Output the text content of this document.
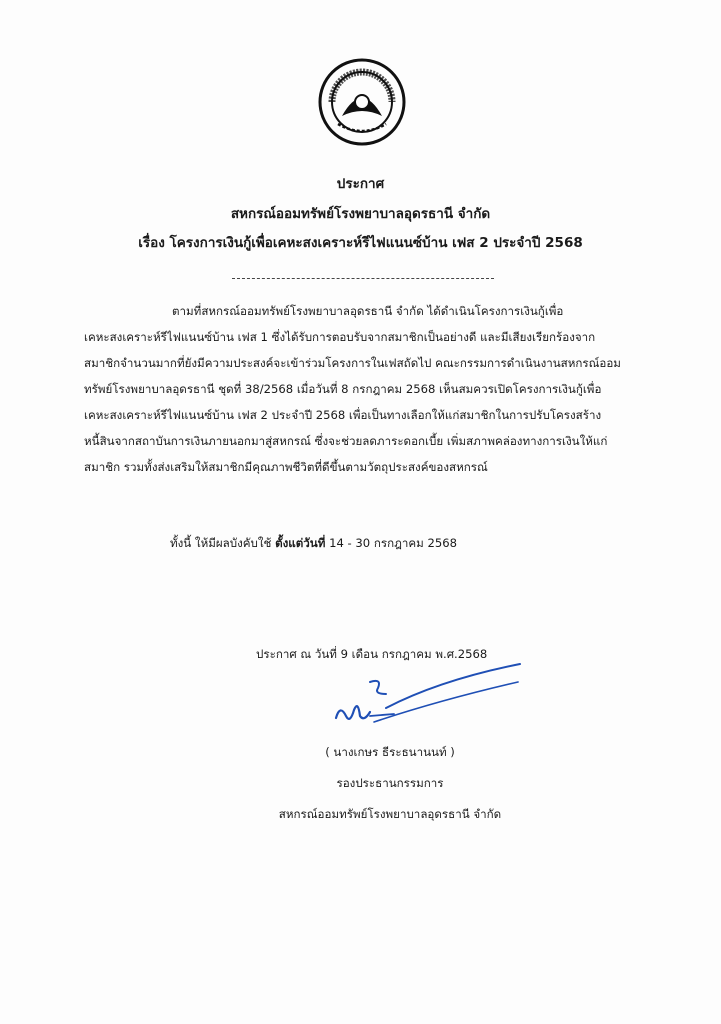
ประกาศ
สหกรณ์ออมทรัพย์โรงพยาบาลอุดรธานี จำกัด
เรื่อง โครงการเงินกู้เพื่อเคหะสงเคราะห์รีไฟแนนซ์บ้าน เฟส 2 ประจำปี 2568
ตามที่สหกรณ์ออมทรัพย์โรงพยาบาลอุดรธานี จำกัด ได้ดำเนินโครงการเงินกู้เพื่อ
เคหะสงเคราะห์รีไฟแนนซ์บ้าน เฟส 1 ซึ่งได้รับการตอบรับจากสมาชิกเป็นอย่างดี และมีเสียงเรียกร้องจาก
สมาชิกจำนวนมากที่ยังมีความประสงค์จะเข้าร่วมโครงการในเฟสถัดไป คณะกรรมการดำเนินงานสหกรณ์ออม
ทรัพย์โรงพยาบาลอุดรธานี ชุดที่ 38/2568 เมื่อวันที่ 8 กรกฎาคม 2568 เห็นสมควรเปิดโครงการเงินกู้เพื่อ
เคหะสงเคราะห์รีไฟแนนซ์บ้าน เฟส 2 ประจำปี 2568 เพื่อเป็นทางเลือกให้แก่สมาชิกในการปรับโครงสร้าง
หนี้สินจากสถาบันการเงินภายนอกมาสู่สหกรณ์ ซึ่งจะช่วยลดภาระดอกเบี้ย เพิ่มสภาพคล่องทางการเงินให้แก่
สมาชิก รวมทั้งส่งเสริมให้สมาชิกมีคุณภาพชีวิตที่ดีขึ้นตามวัตถุประสงค์ของสหกรณ์
ทั้งนี้ ให้มีผลบังคับใช้ ตั้งแต่วันที่ 14 - 30 กรกฎาคม 2568
ประกาศ ณ วันที่ 9 เดือน กรกฎาคม พ.ศ.2568
( นางเกษร ธีระธนานนท์ )
รองประธานกรรมการ
สหกรณ์ออมทรัพย์โรงพยาบาลอุดรธานี จำกัด
